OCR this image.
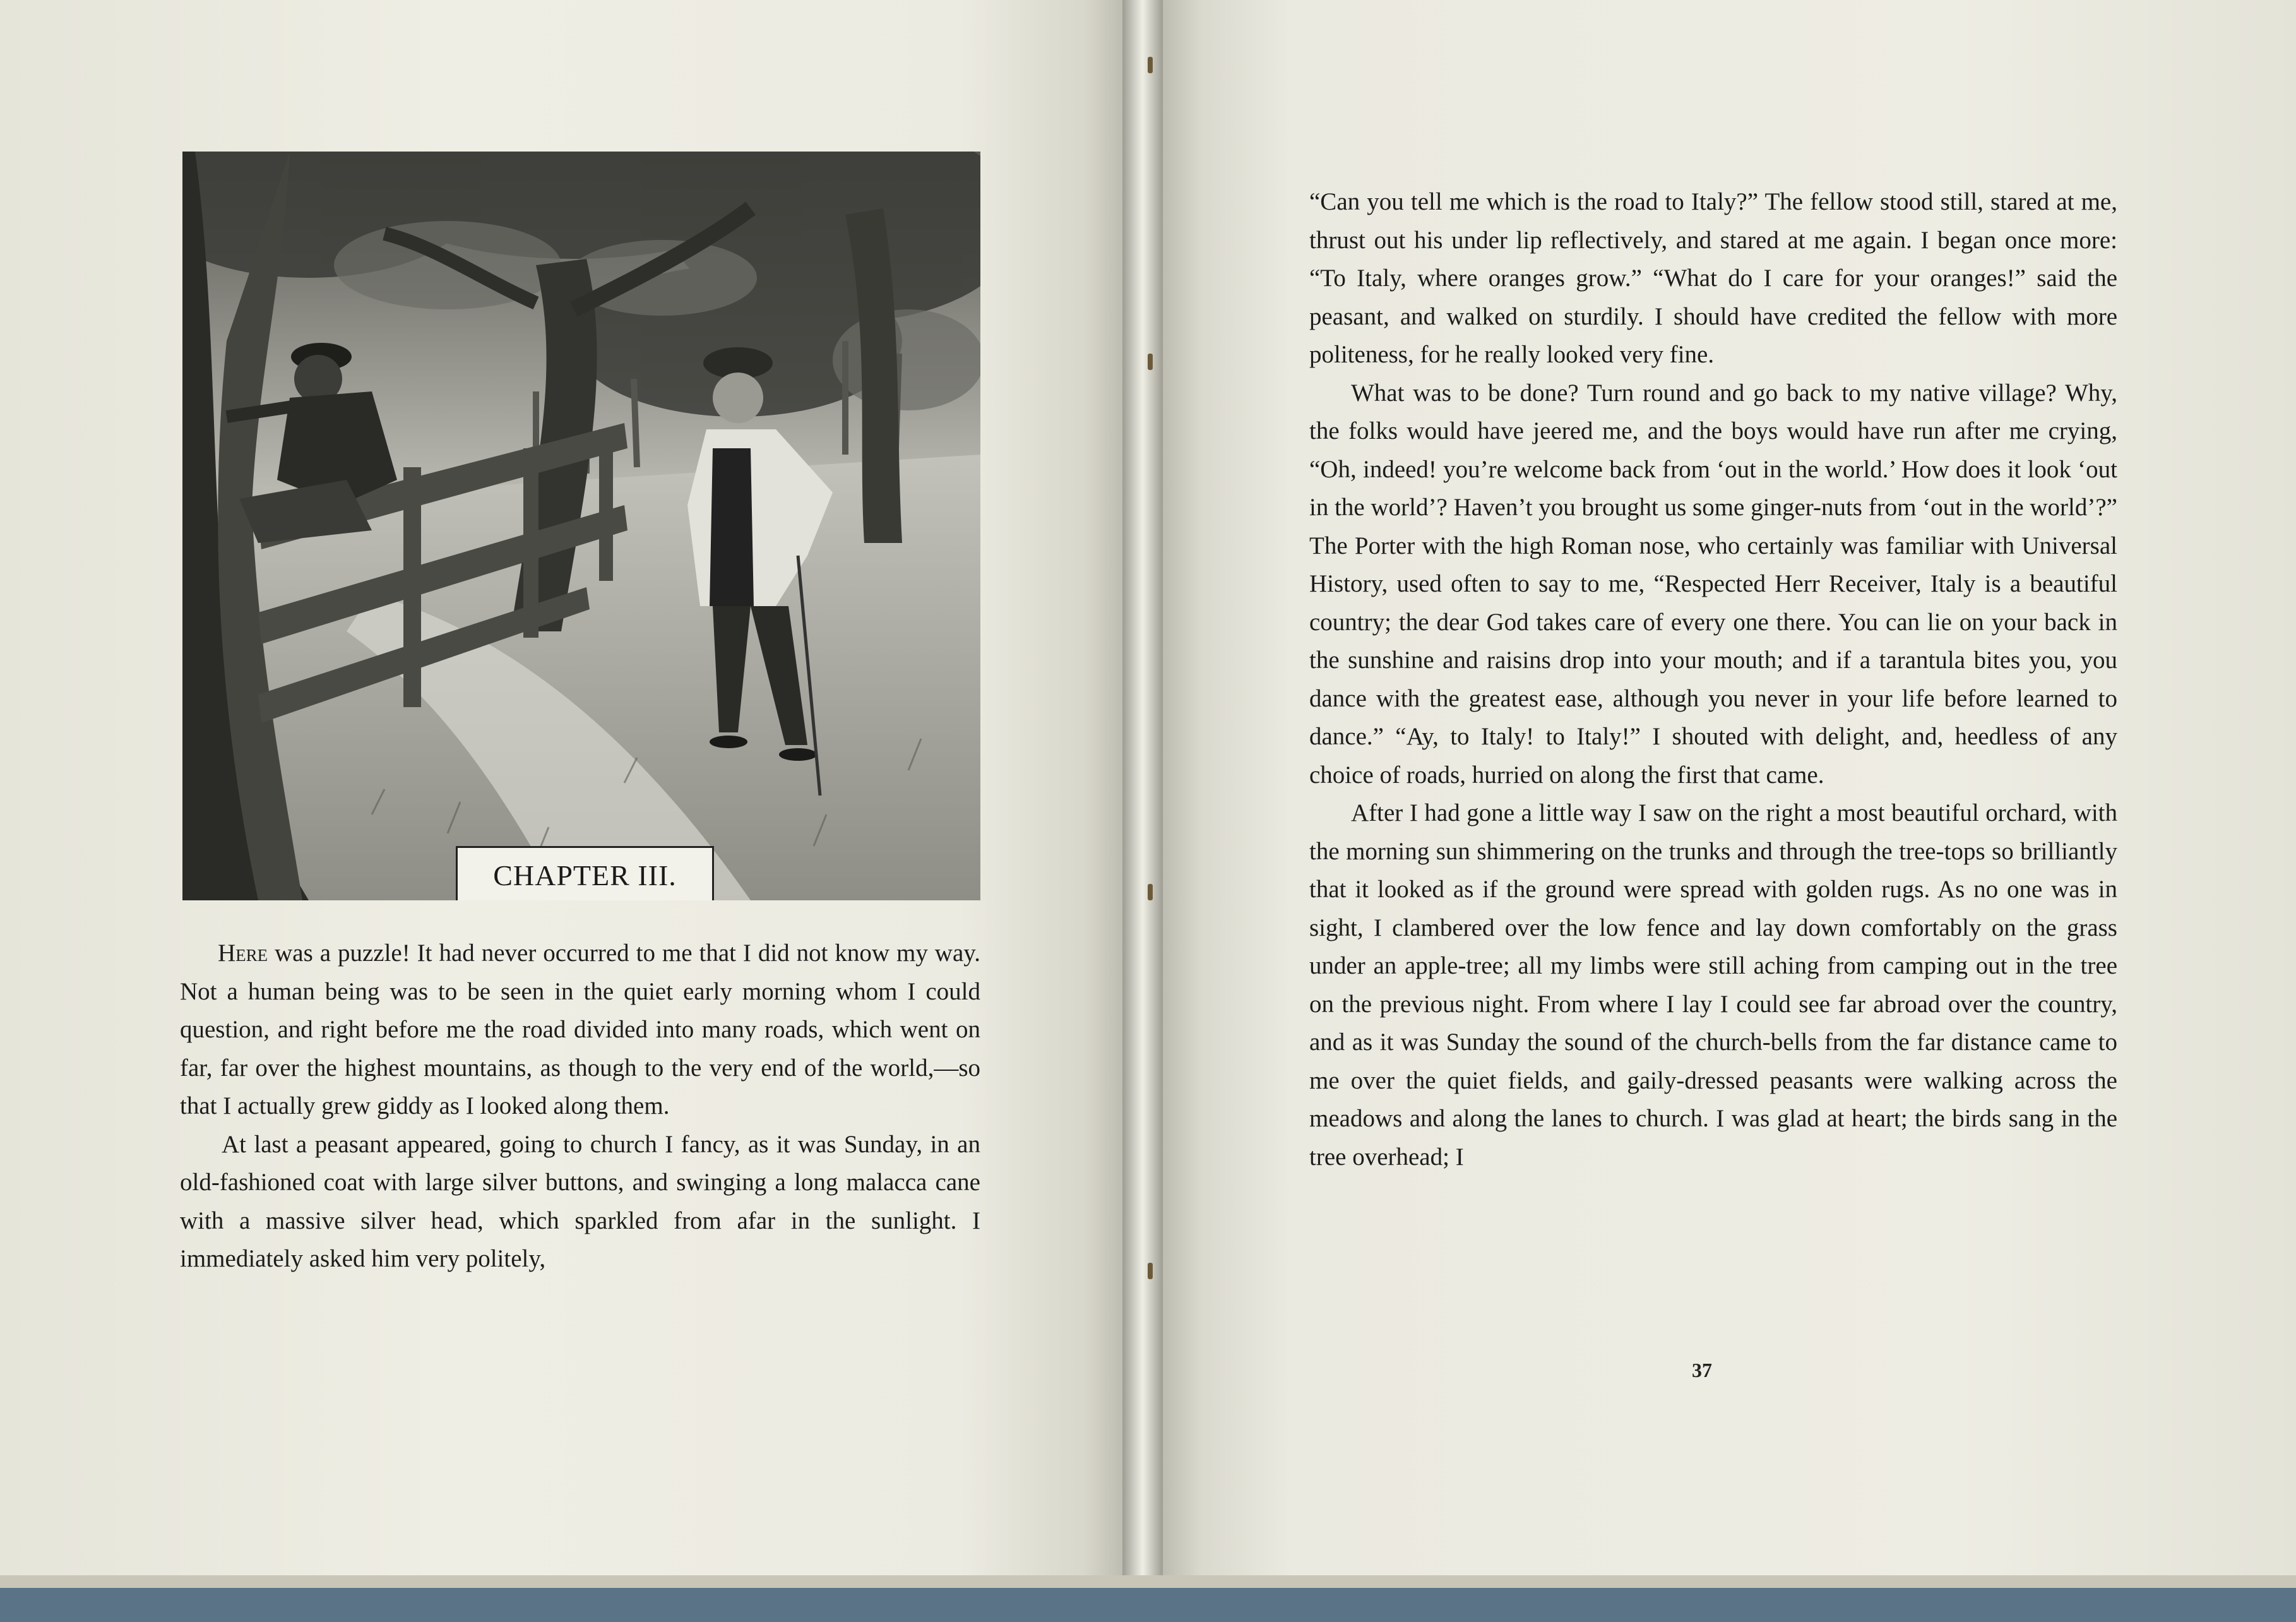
CHAPTER III.

Here was a puzzle! It had never occurred to me that I did not know my way. Not a human being was to be seen in the quiet early morning whom I could question, and right before me the road divided into many roads, which went on far, far over the highest mountains, as though to the very end of the world,—so that I actually grew giddy as I looked along them.

At last a peasant appeared, going to church I fancy, as it was Sunday, in an old-fashioned coat with large silver buttons, and swinging a long malacca cane with a massive silver head, which sparkled from afar in the sunlight. I immediately asked him very politely,

“Can you tell me which is the road to Italy?” The fellow stood still, stared at me, thrust out his under lip reflectively, and stared at me again. I began once more: “To Italy, where oranges grow.” “What do I care for your oranges!” said the peasant, and walked on sturdily. I should have credited the fellow with more politeness, for he really looked very fine.

What was to be done? Turn round and go back to my native village? Why, the folks would have jeered me, and the boys would have run after me crying, “Oh, indeed! you’re welcome back from ‘out in the world.’ How does it look ‘out in the world’? Haven’t you brought us some ginger-nuts from ‘out in the world’?” The Porter with the high Roman nose, who certainly was familiar with Universal History, used often to say to me, “Respected Herr Receiver, Italy is a beautiful country; the dear God takes care of every one there. You can lie on your back in the sunshine and raisins drop into your mouth; and if a tarantula bites you, you dance with the greatest ease, although you never in your life before learned to dance.” “Ay, to Italy! to Italy!” I shouted with delight, and, heedless of any choice of roads, hurried on along the first that came.

After I had gone a little way I saw on the right a most beautiful orchard, with the morning sun shimmering on the trunks and through the tree-tops so brilliantly that it looked as if the ground were spread with golden rugs. As no one was in sight, I clambered over the low fence and lay down comfortably on the grass under an apple-tree; all my limbs were still aching from camping out in the tree on the previous night. From where I lay I could see far abroad over the country, and as it was Sunday the sound of the church-bells from the far distance came to me over the quiet fields, and gaily-dressed peasants were walking across the meadows and along the lanes to church. I was glad at heart; the birds sang in the tree overhead; I

37
